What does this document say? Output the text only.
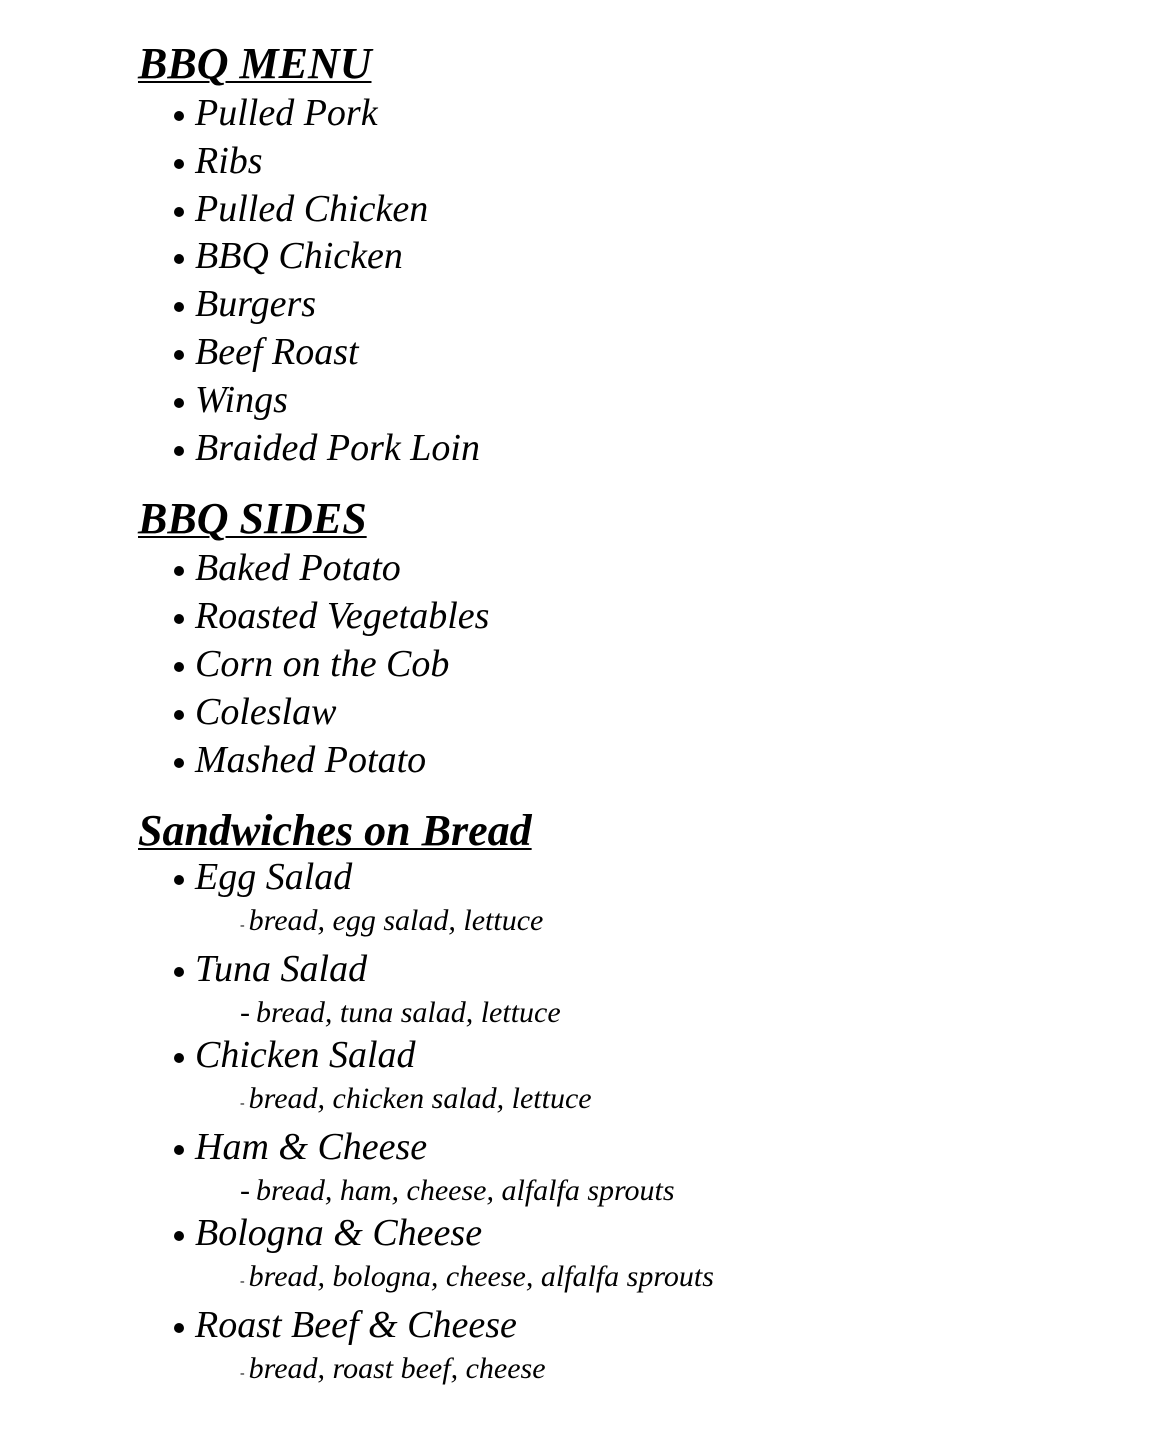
BBQ MENU
Pulled Pork
Ribs
Pulled Chicken
BBQ Chicken
Burgers
Beef Roast
Wings
Braided Pork Loin
BBQ SIDES
Baked Potato
Roasted Vegetables
Corn on the Cob
Coleslaw
Mashed Potato
Sandwiches on Bread
Egg Salad
- bread, egg salad, lettuce
Tuna Salad
- bread, tuna salad, lettuce
Chicken Salad
- bread, chicken salad, lettuce
Ham & Cheese
- bread, ham, cheese, alfalfa sprouts
Bologna & Cheese
- bread, bologna, cheese, alfalfa sprouts
Roast Beef & Cheese
- bread, roast beef, cheese
